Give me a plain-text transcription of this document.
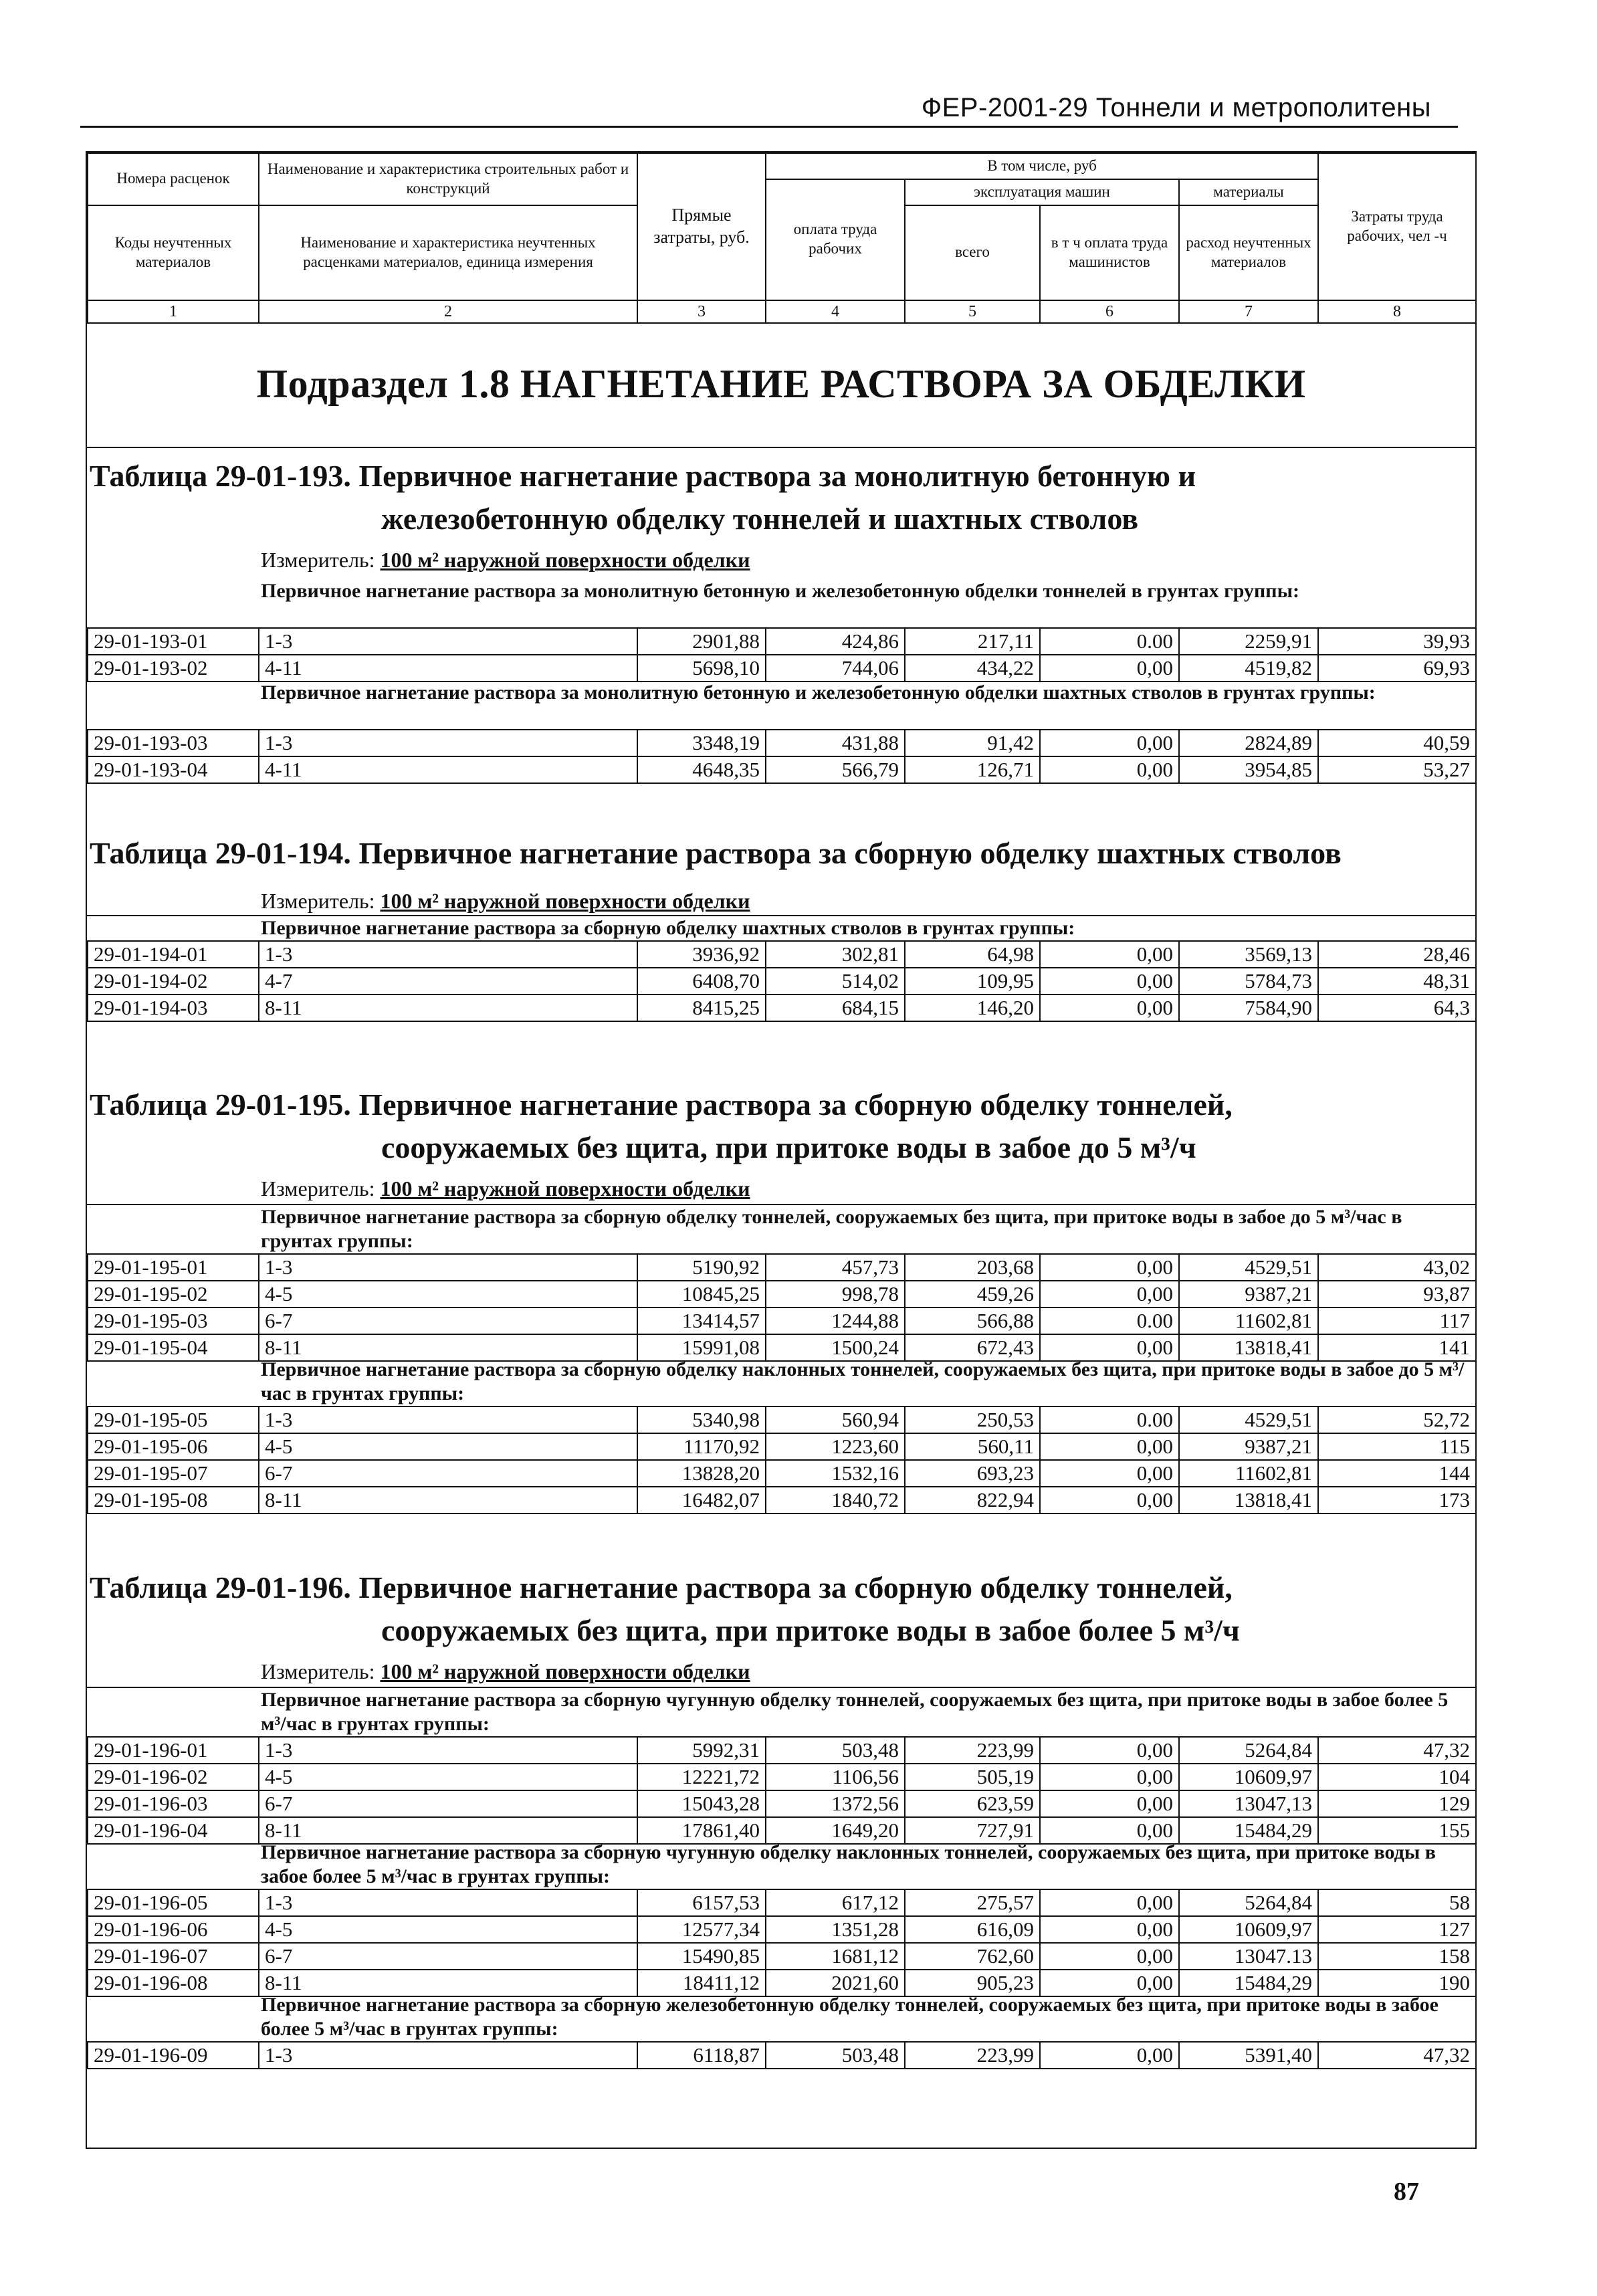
ФЕР-2001-29 Тоннели и метрополитены
Номера расценок	Наименование и характеристика строительных работ и конструкций	Прямые затраты, руб.	В том числе, руб				Затраты труда рабочих, чел -ч
			оплата труда рабочих	эксплуатация машин		материалы	
Коды неучтенных материалов	Наименование и характеристика неучтенных расценками материалов, единица измерения			всего	в т ч оплата труда машинистов	расход неучтенных материалов	

1	2	3	4	5	6	7	8
Подраздел 1.8 НАГНЕТАНИЕ РАСТВОРА ЗА ОБДЕЛКИ
Таблица 29-01-193. Первичное нагнетание раствора за монолитную бетонную и
железобетонную обделку тоннелей и шахтных стволов
Измеритель: 100 м² наружной поверхности обделки
Первичное нагнетание раствора за монолитную бетонную и железобетонную обделки тоннелей в грунтах группы:
29-01-193-01	1-3	2901,88	424,86	217,11	0.00	2259,91	39,93
29-01-193-02	4-11	5698,10	744,06	434,22	0,00	4519,82	69,93
Первичное нагнетание раствора за монолитную бетонную и железобетонную обделки шахтных стволов в грунтах группы:
29-01-193-03	1-3	3348,19	431,88	91,42	0,00	2824,89	40,59
29-01-193-04	4-11	4648,35	566,79	126,71	0,00	3954,85	53,27
Таблица 29-01-194. Первичное нагнетание раствора за сборную обделку шахтных стволов
Измеритель: 100 м² наружной поверхности обделки
Первичное нагнетание раствора за сборную обделку шахтных стволов в грунтах группы:
29-01-194-01	1-3	3936,92	302,81	64,98	0,00	3569,13	28,46
29-01-194-02	4-7	6408,70	514,02	109,95	0,00	5784,73	48,31
29-01-194-03	8-11	8415,25	684,15	146,20	0,00	7584,90	64,3
Таблица 29-01-195. Первичное нагнетание раствора за сборную обделку тоннелей,
сооружаемых без щита, при притоке воды в забое до 5 м³/ч
Измеритель: 100 м² наружной поверхности обделки
Первичное нагнетание раствора за сборную обделку тоннелей, сооружаемых без щита, при притоке воды в забое до 5 м³/час в грунтах группы:
29-01-195-01	1-3	5190,92	457,73	203,68	0,00	4529,51	43,02
29-01-195-02	4-5	10845,25	998,78	459,26	0,00	9387,21	93,87
29-01-195-03	6-7	13414,57	1244,88	566,88	0.00	11602,81	117
29-01-195-04	8-11	15991,08	1500,24	672,43	0,00	13818,41	141
Первичное нагнетание раствора за сборную обделку наклонных тоннелей, сооружаемых без щита, при притоке воды в забое до 5 м³/час в грунтах группы:
29-01-195-05	1-3	5340,98	560,94	250,53	0.00	4529,51	52,72
29-01-195-06	4-5	11170,92	1223,60	560,11	0,00	9387,21	115
29-01-195-07	6-7	13828,20	1532,16	693,23	0,00	11602,81	144
29-01-195-08	8-11	16482,07	1840,72	822,94	0,00	13818,41	173
Таблица 29-01-196. Первичное нагнетание раствора за сборную обделку тоннелей,
сооружаемых без щита, при притоке воды в забое более 5 м³/ч
Измеритель: 100 м² наружной поверхности обделки
Первичное нагнетание раствора за сборную чугунную обделку тоннелей, сооружаемых без щита, при притоке воды в забое более 5 м³/час в грунтах группы:
29-01-196-01	1-3	5992,31	503,48	223,99	0,00	5264,84	47,32
29-01-196-02	4-5	12221,72	1106,56	505,19	0,00	10609,97	104
29-01-196-03	6-7	15043,28	1372,56	623,59	0,00	13047,13	129
29-01-196-04	8-11	17861,40	1649,20	727,91	0,00	15484,29	155
Первичное нагнетание раствора за сборную чугунную обделку наклонных тоннелей, сооружаемых без щита, при притоке воды в забое более 5 м³/час в грунтах группы:
29-01-196-05	1-3	6157,53	617,12	275,57	0,00	5264,84	58
29-01-196-06	4-5	12577,34	1351,28	616,09	0,00	10609,97	127
29-01-196-07	6-7	15490,85	1681,12	762,60	0,00	13047.13	158
29-01-196-08	8-11	18411,12	2021,60	905,23	0,00	15484,29	190
Первичное нагнетание раствора за сборную железобетонную обделку тоннелей, сооружаемых без щита, при притоке воды в забое более 5 м³/час в грунтах группы:
29-01-196-09	1-3	6118,87	503,48	223,99	0,00	5391,40	47,32
87
